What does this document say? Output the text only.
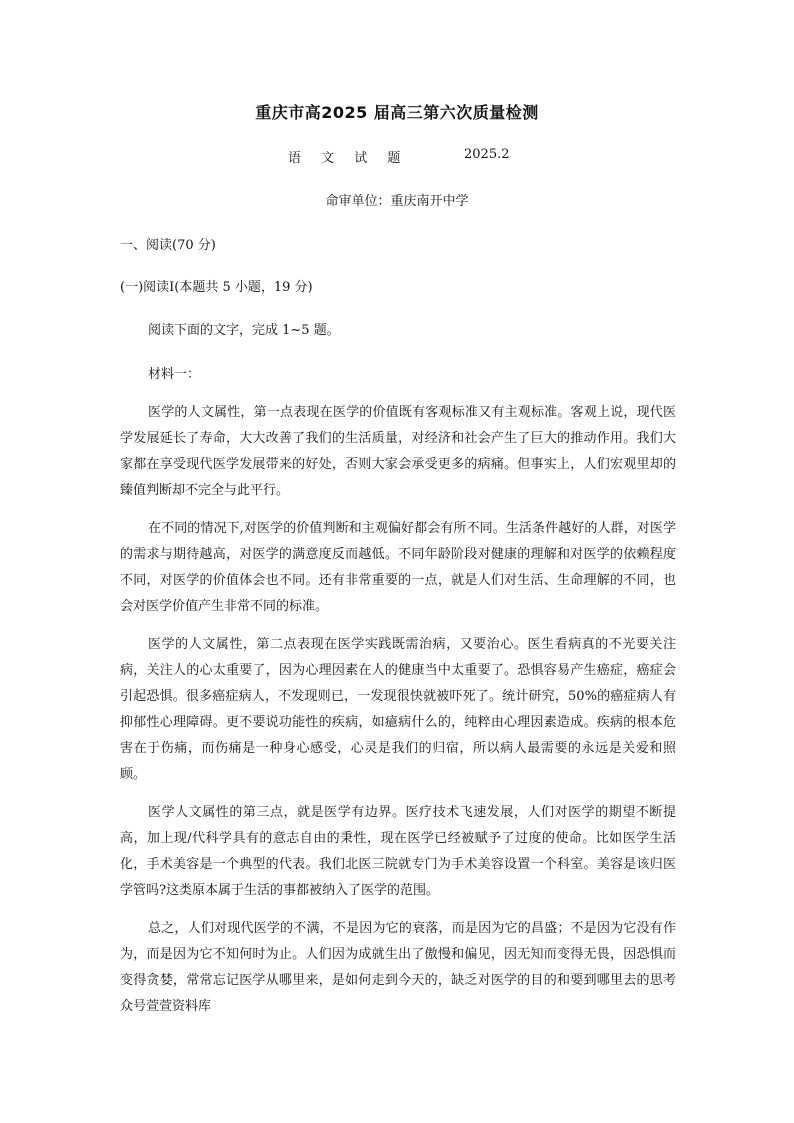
重庆市高2025 届高三第六次质量检测
语 文 试 题	2025.2
命审单位：重庆南开中学
一、阅读(70 分)
(一)阅读Ⅰ(本题共 5 小题，19 分)
阅读下面的文字，完成 1~5 题。
材料一：

医学的人文属性，第一点表现在医学的价值既有客观标准又有主观标准。客观上说，现代医学发展延长了寿命，大大改善了我们的生活质量，对经济和社会产生了巨大的推动作用。我们大家都在享受现代医学发展带来的好处，否则大家会承受更多的病痛。但事实上，人们宏观里却的臻值判断却不完全与此平行。

在不同的情况下,对医学的价值判断和主观偏好都会有所不同。生活条件越好的人群，对医学的需求与期待越高，对医学的满意度反而越低。不同年龄阶段对健康的理解和对医学的依赖程度不同，对医学的价值体会也不同。还有非常重要的一点，就是人们对生活、生命理解的不同，也会对医学价值产生非常不同的标准。

医学的人文属性，第二点表现在医学实践既需治病，又要治心。医生看病真的不光要关注病，关注人的心太重要了，因为心理因素在人的健康当中太重要了。恐惧容易产生癌症，癌症会引起恐惧。很多癌症病人，不发现则已，一发现很快就被吓死了。统计研究，50%的癌症病人有抑郁性心理障碍。更不要说功能性的疾病，如癔病什么的，纯粹由心理因素造成。疾病的根本危害在于伤痛，而伤痛是一种身心感受，心灵是我们的归宿，所以病人最需要的永远是关爱和照顾。

医学人文属性的第三点，就是医学有边界。医疗技术飞速发展，人们对医学的期望不断提高，加上现/代科学具有的意志自由的秉性，现在医学已经被赋予了过度的使命。比如医学生活化，手术美容是一个典型的代表。我们北医三院就专门为手术美容设置一个科室。美容是该归医学管吗?这类原本属于生活的事都被纳入了医学的范围。

总之，人们对现代医学的不满，不是因为它的衰落，而是因为它的昌盛；不是因为它没有作为，而是因为它不知何时为止。人们因为成就生出了傲慢和偏见，因无知而变得无畏，因恐惧而变得贪婪，常常忘记医学从哪里来，是如何走到今天的，缺乏对医学的目的和要到哪里去的思考众号萱萱资料库
